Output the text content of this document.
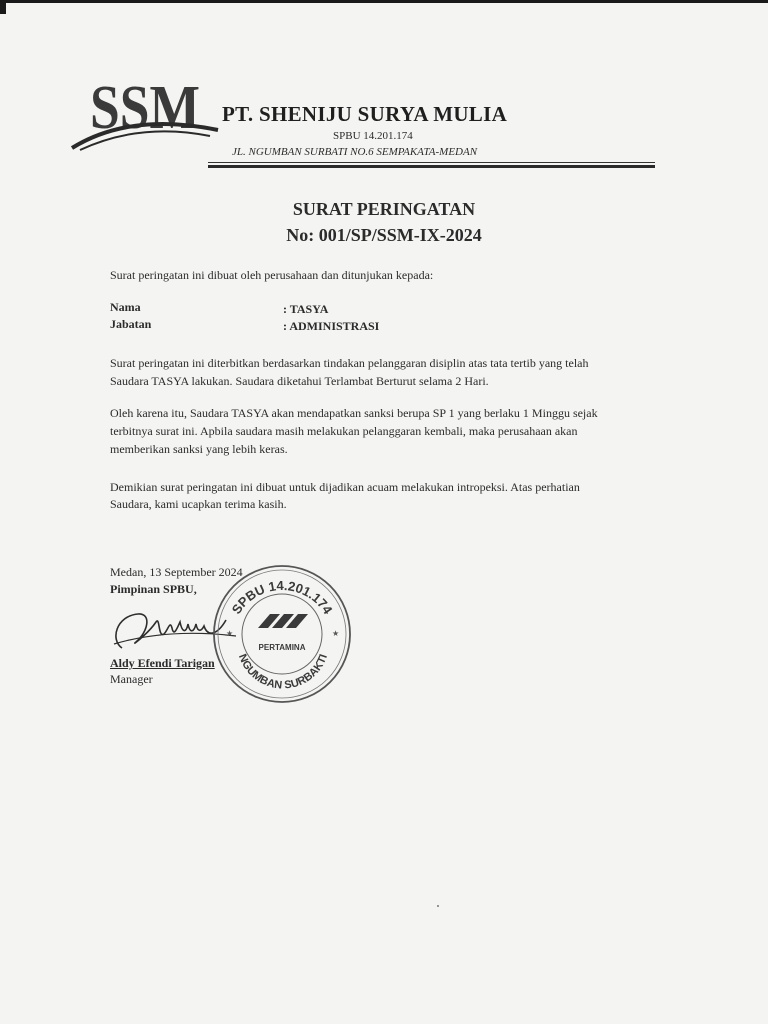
SSM PT. SHENIJU SURYA MULIA
SPBU 14.201.174
JL. NGUMBAN SURBATI NO.6 SEMPAKATA-MEDAN
SURAT PERINGATAN
No: 001/SP/SSM-IX-2024
Surat peringatan ini dibuat oleh perusahaan dan ditunjukan kepada:
Nama	: TASYA
Jabatan	: ADMINISTRASI
Surat peringatan ini diterbitkan berdasarkan tindakan pelanggaran disiplin atas tata tertib yang telah
Saudara TASYA lakukan. Saudara diketahui Terlambat Berturut selama 2 Hari.
Oleh karena itu, Saudara TASYA akan mendapatkan sanksi berupa SP 1 yang berlaku 1 Minggu sejak
terbitnya surat ini. Apbila saudara masih melakukan pelanggaran kembali, maka perusahaan akan
memberikan sanksi yang lebih keras.
Demikian surat peringatan ini dibuat untuk dijadikan acuam melakukan intropeksi. Atas perhatian
Saudara, kami ucapkan terima kasih.
Medan, 13 September 2024
Pimpinan SPBU,
Aldy Efendi Tarigan
Manager
SPBU 14.201.174
NGUMBAN SURBAKTI
PERTAMINA
★	★
